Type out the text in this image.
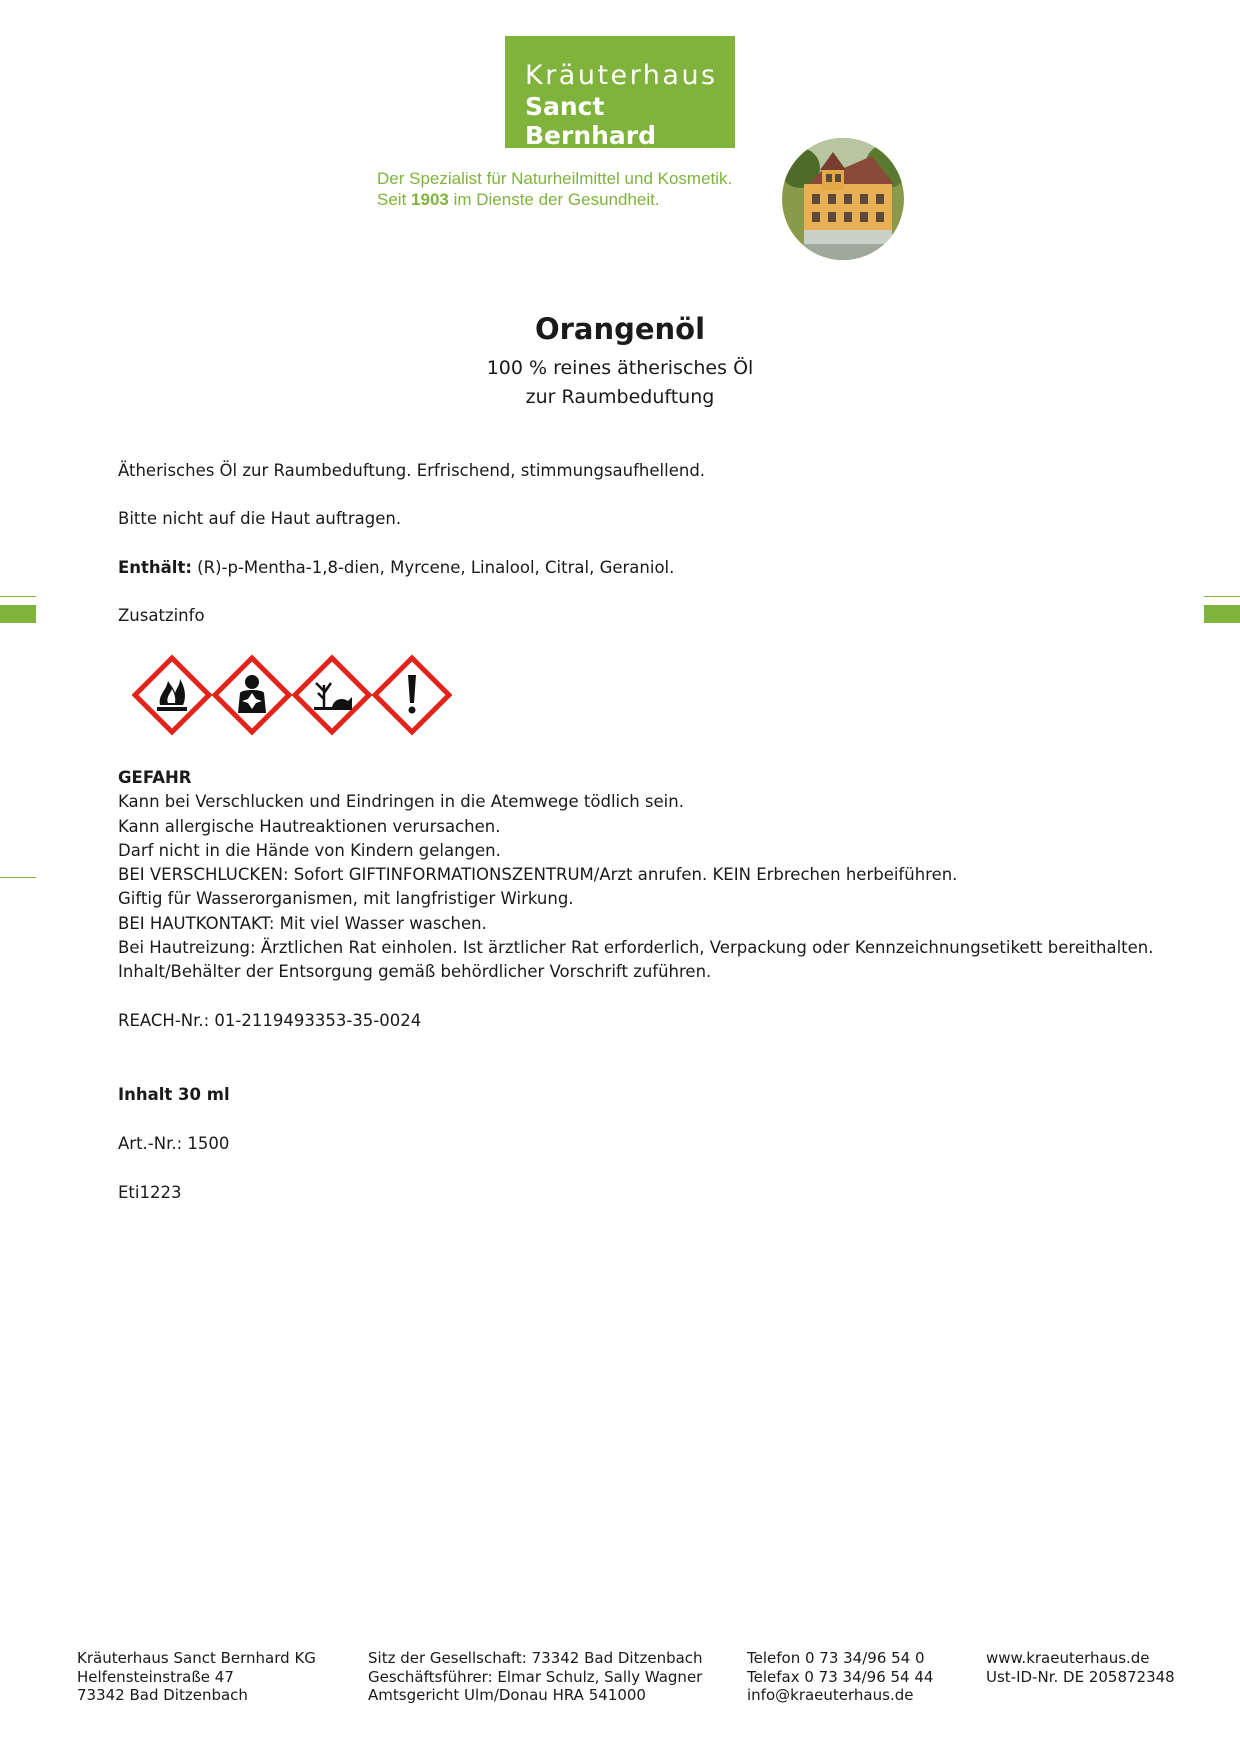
Kräuterhaus
Sanct Bernhard
Der Spezialist für Naturheilmittel und Kosmetik.
Seit 1903 im Dienste der Gesundheit.
Orangenöl
100 % reines ätherisches Öl
zur Raumbeduftung
Ätherisches Öl zur Raumbeduftung. Erfrischend, stimmungsaufhellend.
Bitte nicht auf die Haut auftragen.
Enthält: (R)-p-Mentha-1,8-dien, Myrcene, Linalool, Citral, Geraniol.
Zusatzinfo
GEFAHR
Kann bei Verschlucken und Eindringen in die Atemwege tödlich sein.
Kann allergische Hautreaktionen verursachen.
Darf nicht in die Hände von Kindern gelangen.
BEI VERSCHLUCKEN: Sofort GIFTINFORMATIONSZENTRUM/Arzt anrufen. KEIN Erbrechen herbeiführen.
Giftig für Wasserorganismen, mit langfristiger Wirkung.
BEI HAUTKONTAKT: Mit viel Wasser waschen.
Bei Hautreizung: Ärztlichen Rat einholen. Ist ärztlicher Rat erforderlich, Verpackung oder Kennzeichnungsetikett bereithalten.
Inhalt/Behälter der Entsorgung gemäß behördlicher Vorschrift zuführen.
REACH-Nr.: 01-2119493353-35-0024
Inhalt 30 ml
Art.-Nr.: 1500
Eti1223
Kräuterhaus Sanct Bernhard KG
Helfensteinstraße 47
73342 Bad Ditzenbach
Sitz der Gesellschaft: 73342 Bad Ditzenbach
Geschäftsführer: Elmar Schulz, Sally Wagner
Amtsgericht Ulm/Donau HRA 541000
Telefon 0 73 34/96 54 0
Telefax 0 73 34/96 54 44
info@kraeuterhaus.de
www.kraeuterhaus.de
Ust-ID-Nr. DE 205872348
